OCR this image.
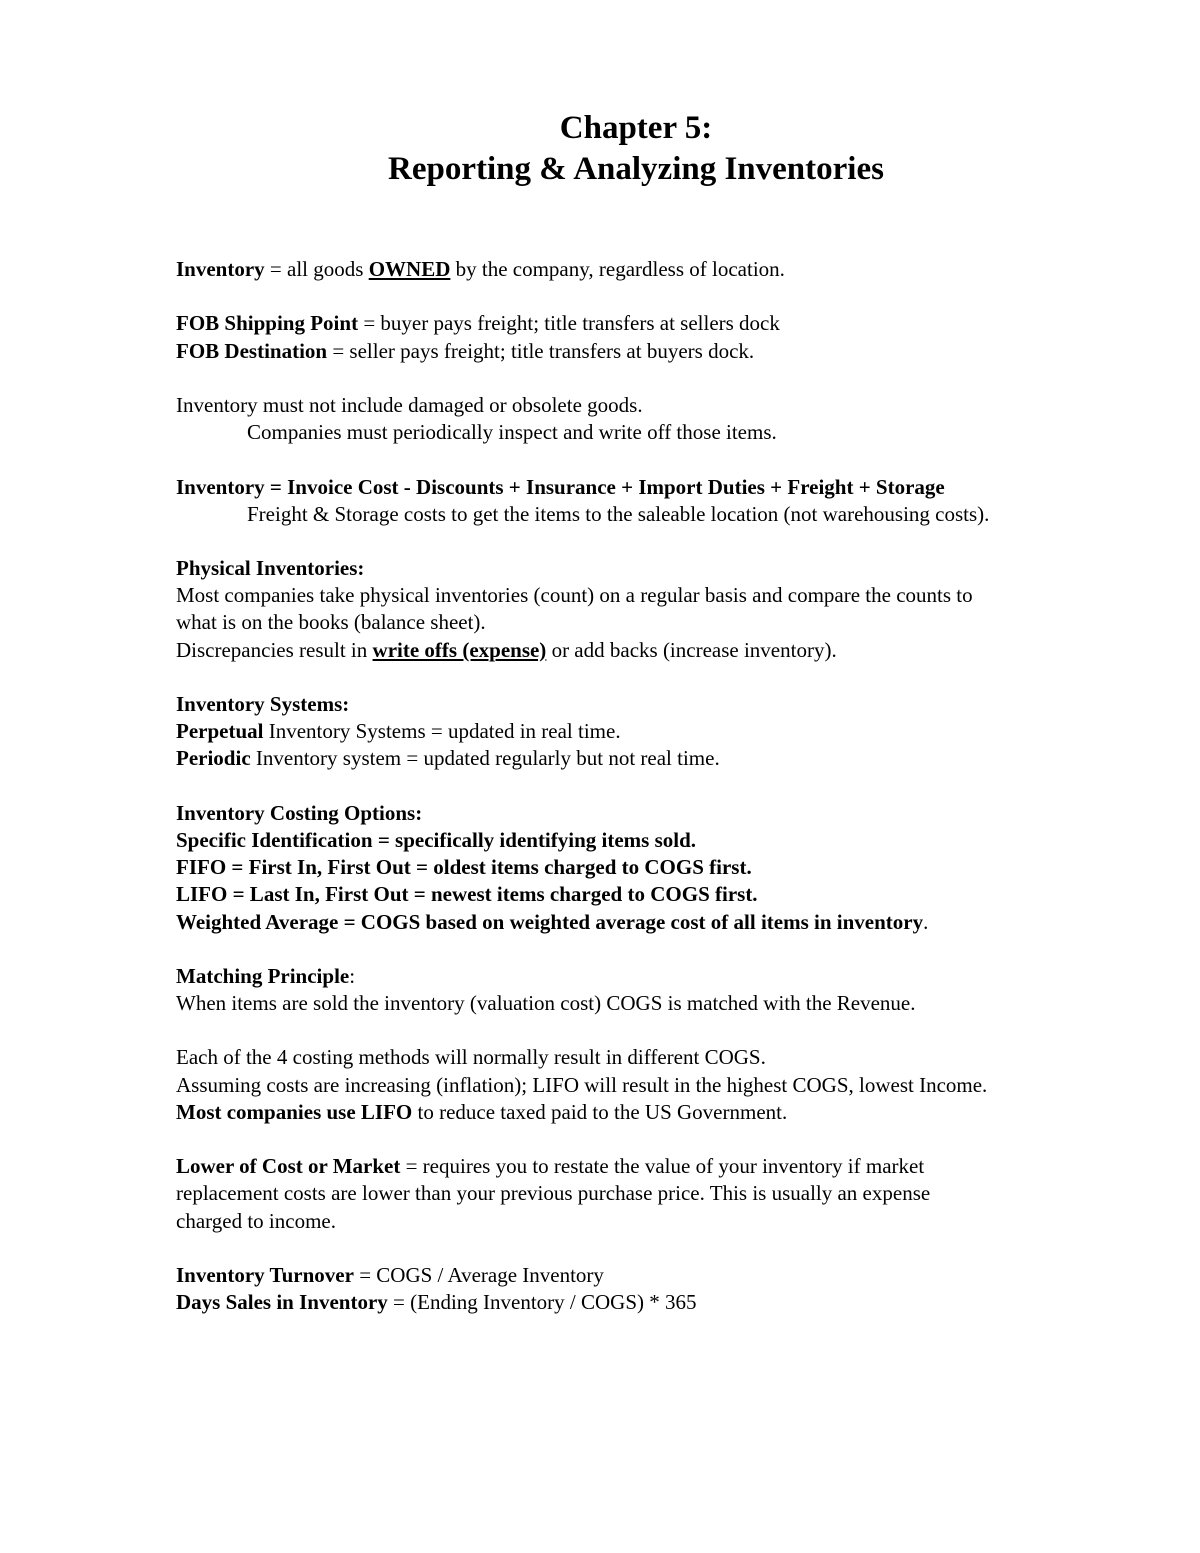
Chapter 5:
Reporting & Analyzing Inventories
Inventory = all goods OWNED by the company, regardless of location.
FOB Shipping Point = buyer pays freight; title transfers at sellers dock
FOB Destination = seller pays freight; title transfers at buyers dock.
Inventory must not include damaged or obsolete goods.
Companies must periodically inspect and write off those items.
Inventory = Invoice Cost - Discounts + Insurance + Import Duties + Freight + Storage
Freight & Storage costs to get the items to the saleable location (not warehousing costs).
Physical Inventories:
Most companies take physical inventories (count) on a regular basis and compare the counts to
what is on the books (balance sheet).
Discrepancies result in write offs (expense) or add backs (increase inventory).
Inventory Systems:
Perpetual Inventory Systems = updated in real time.
Periodic Inventory system = updated regularly but not real time.
Inventory Costing Options:
Specific Identification = specifically identifying items sold.
FIFO = First In, First Out = oldest items charged to COGS first.
LIFO = Last In, First Out = newest items charged to COGS first.
Weighted Average = COGS based on weighted average cost of all items in inventory.
Matching Principle:
When items are sold the inventory (valuation cost) COGS is matched with the Revenue.
Each of the 4 costing methods will normally result in different COGS.
Assuming costs are increasing (inflation); LIFO will result in the highest COGS, lowest Income.
Most companies use LIFO to reduce taxed paid to the US Government.
Lower of Cost or Market = requires you to restate the value of your inventory if market
replacement costs are lower than your previous purchase price. This is usually an expense
charged to income.
Inventory Turnover = COGS / Average Inventory
Days Sales in Inventory = (Ending Inventory / COGS) * 365
